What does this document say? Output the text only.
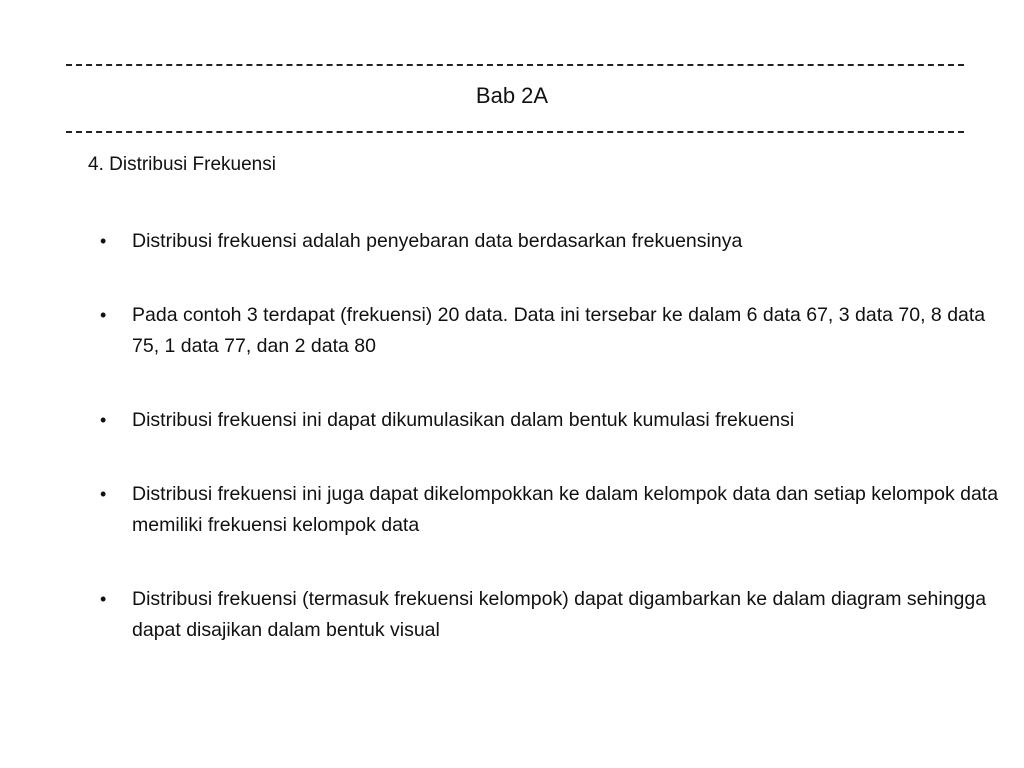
Bab 2A
4. Distribusi Frekuensi
•	Distribusi frekuensi adalah penyebaran data berdasarkan frekuensinya
•	Pada contoh 3 terdapat (frekuensi) 20 data. Data ini tersebar ke dalam 6 data 67, 3 data 70, 8 data 75, 1 data 77, dan 2 data 80
•	Distribusi frekuensi ini dapat dikumulasikan dalam bentuk kumulasi frekuensi
•	Distribusi frekuensi ini juga dapat dikelompokkan ke dalam kelompok data dan setiap kelompok data memiliki frekuensi kelompok data
•	Distribusi frekuensi (termasuk frekuensi kelompok) dapat digambarkan ke dalam diagram sehingga dapat disajikan dalam bentuk visual
